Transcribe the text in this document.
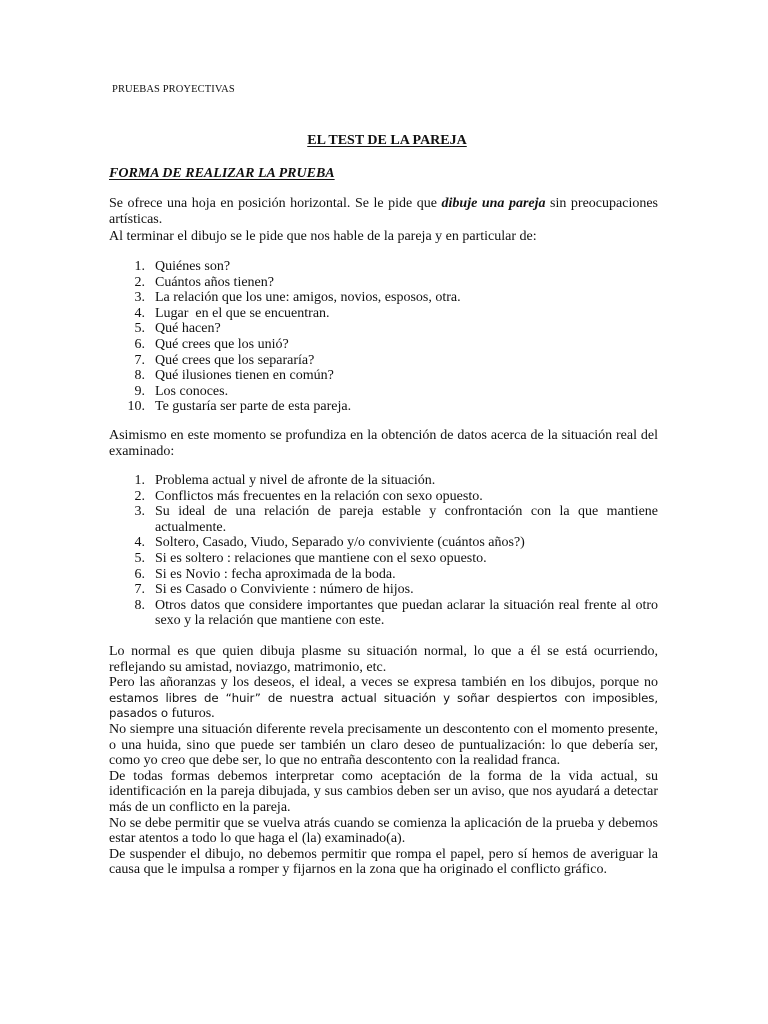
PRUEBAS PROYECTIVAS
EL TEST DE LA PAREJA
FORMA DE REALIZAR LA PRUEBA
Se ofrece una hoja en posición horizontal. Se le pide que dibuje una pareja sin preocupaciones artísticas.
Al terminar el dibujo se le pide que nos hable de la pareja y en particular de:
1. Quiénes son?
2. Cuántos años tienen?
3. La relación que los une: amigos, novios, esposos, otra.
4. Lugar  en el que se encuentran.
5. Qué hacen?
6. Qué crees que los unió?
7. Qué crees que los separaría?
8. Qué ilusiones tienen en común?
9. Los conoces.
10. Te gustaría ser parte de esta pareja.
Asimismo en este momento se profundiza en la obtención de datos acerca de la situación real del examinado:
1. Problema actual y nivel de afronte de la situación.
2. Conflictos más frecuentes en la relación con sexo opuesto.
3. Su ideal de una relación de pareja estable y confrontación con la que mantiene actualmente.
4. Soltero, Casado, Viudo, Separado y/o conviviente (cuántos años?)
5. Si es soltero : relaciones que mantiene con el sexo opuesto.
6. Si es Novio : fecha aproximada de la boda.
7. Si es Casado o Conviviente : número de hijos.
8. Otros datos que considere importantes que puedan aclarar la situación real frente al otro sexo y la relación que mantiene con este.

Lo normal es que quien dibuja plasme su situación normal, lo que a él se está ocurriendo, reflejando su amistad, noviazgo, matrimonio, etc.

Pero las añoranzas y los deseos, el ideal, a veces se expresa también en los dibujos, porque no estamos libres de “huir” de nuestra actual situación y soñar despiertos con imposibles, pasados o futuros.

No siempre una situación diferente revela precisamente un descontento con el momento presente, o una huida, sino que puede ser también un claro deseo de puntualización: lo que debería ser, como yo creo que debe ser, lo que no entraña descontento con la realidad franca.

De todas formas debemos interpretar como aceptación de la forma de la vida actual, su identificación en la pareja dibujada, y sus cambios deben ser un aviso, que nos ayudará a detectar más de un conflicto en la pareja.

No se debe permitir que se vuelva atrás cuando se comienza la aplicación de la prueba y debemos estar atentos a todo lo que haga el (la) examinado(a).

De suspender el dibujo, no debemos permitir que rompa el papel, pero sí hemos de averiguar la causa que le impulsa a romper y fijarnos en la zona que ha originado el conflicto gráfico.
